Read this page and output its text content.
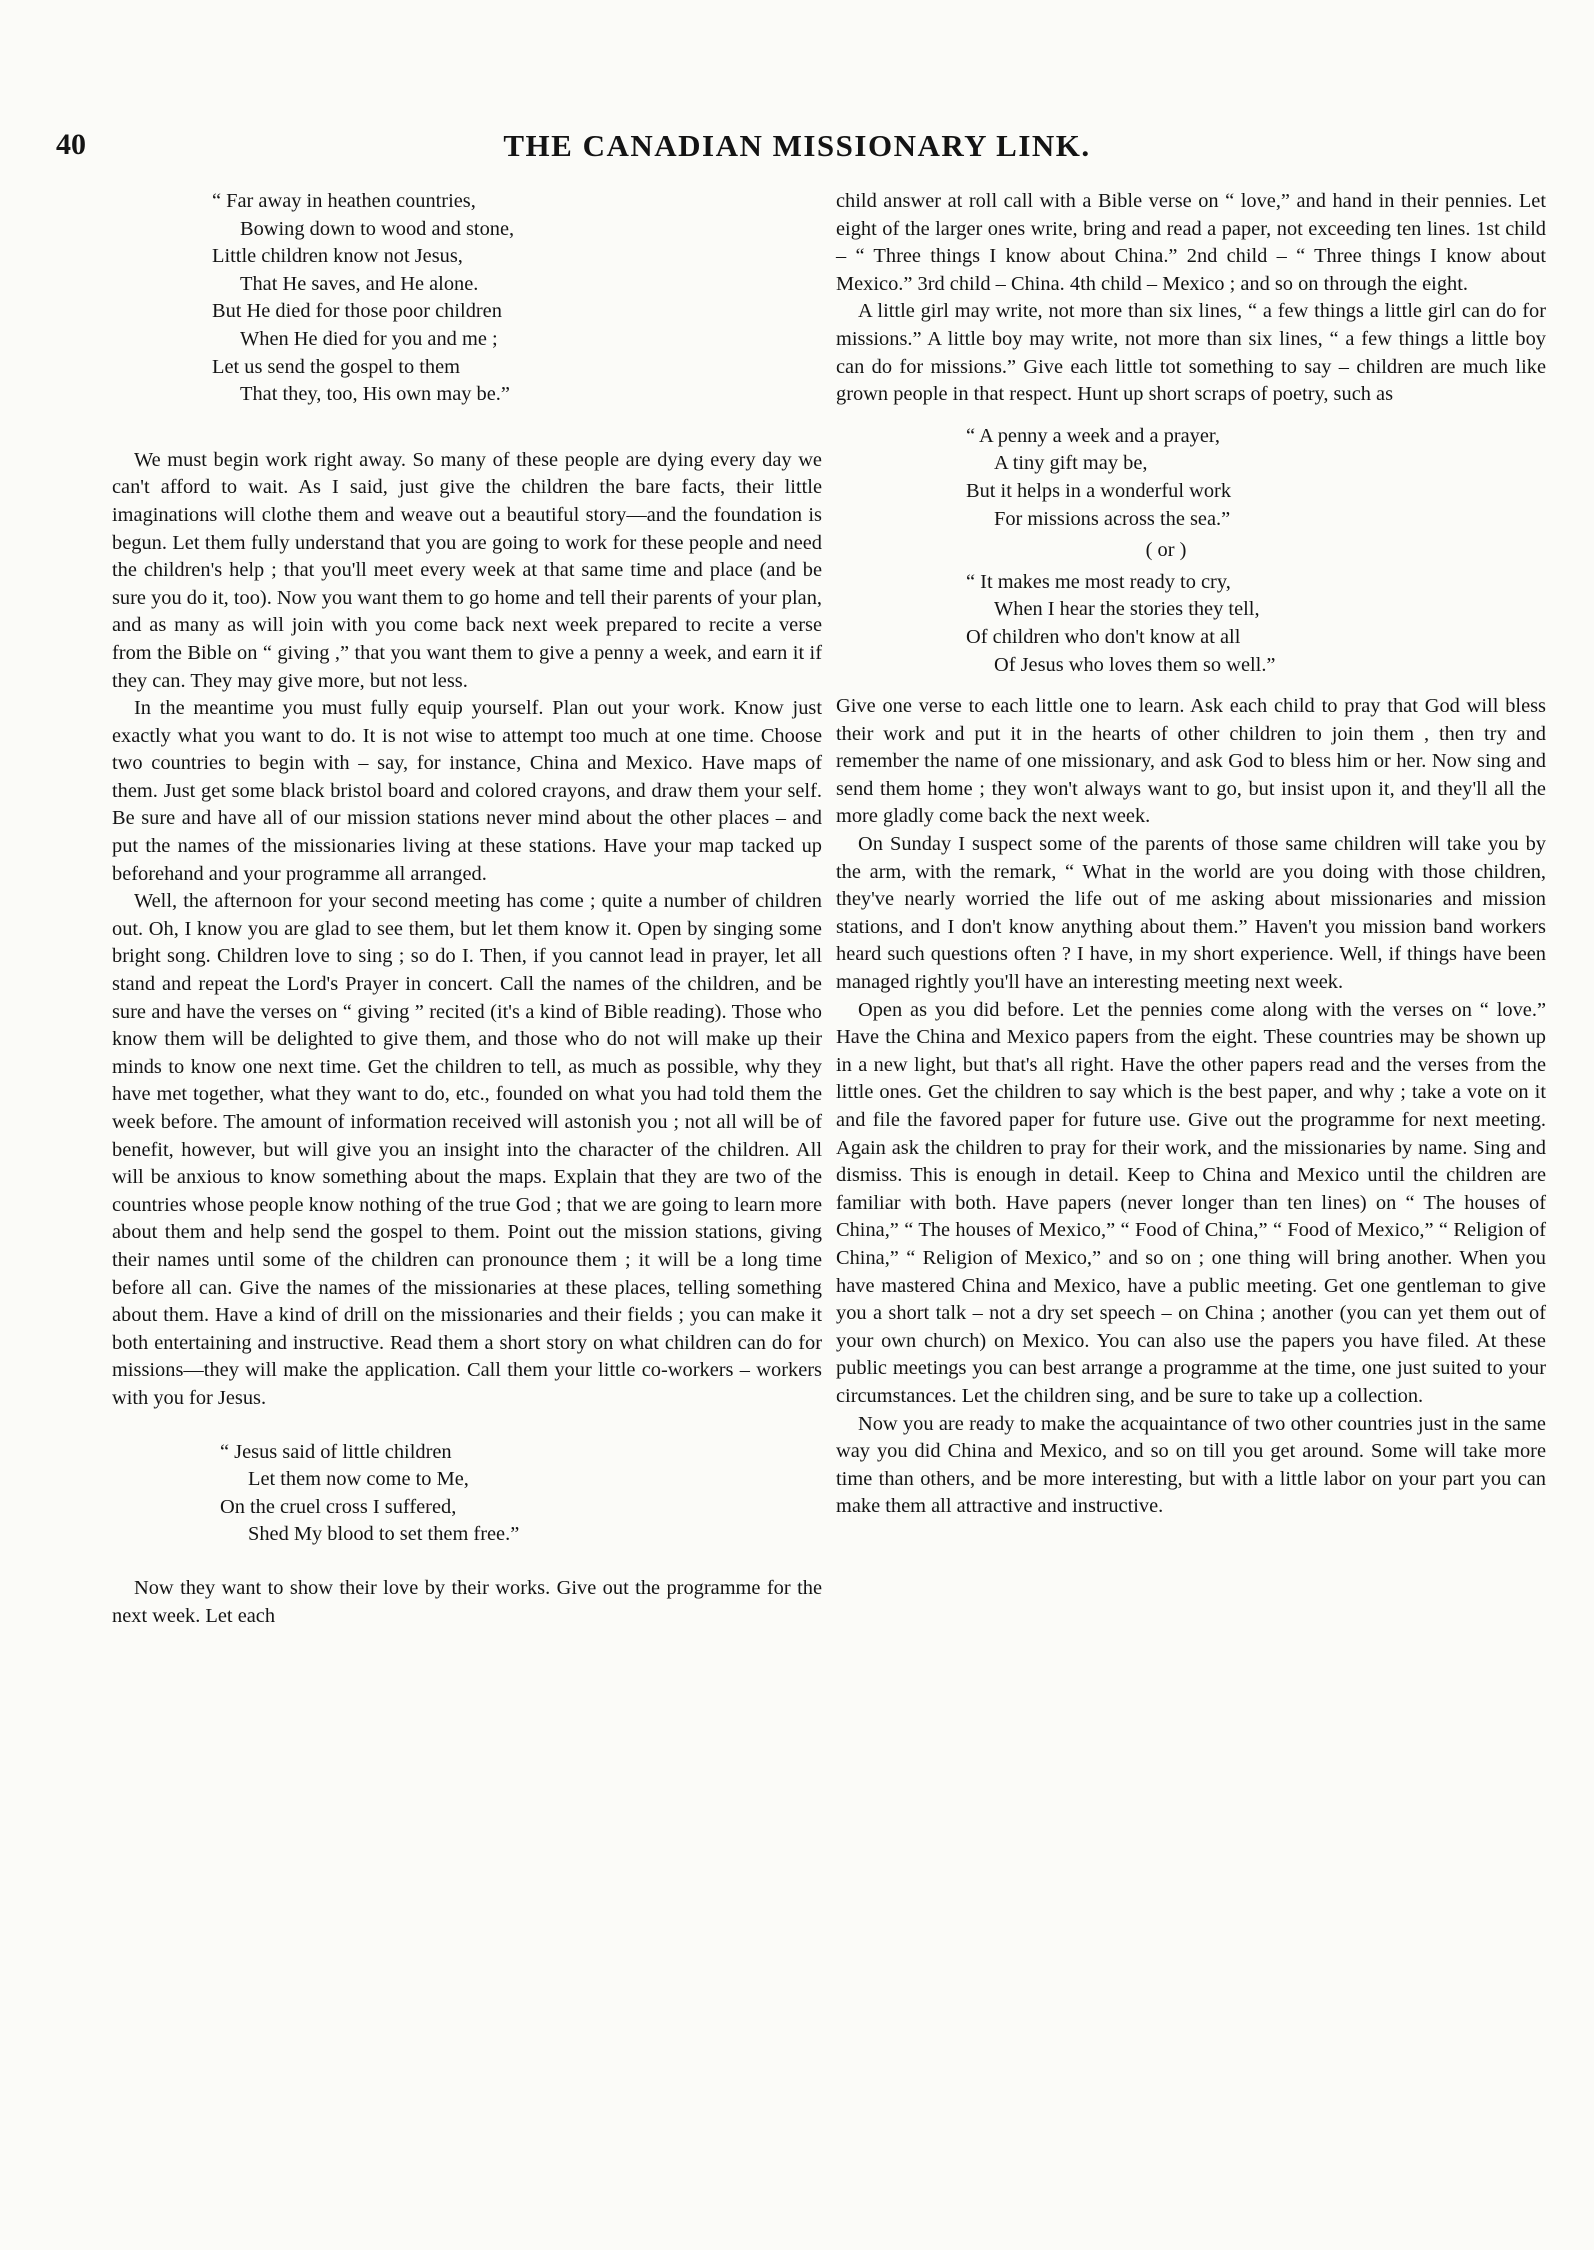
40	THE CANADIAN MISSIONARY LINK.
“ Far away in heathen countries,
Bowing down to wood and stone,
Little children know not Jesus,
That He saves, and He alone.
But He died for those poor children
When He died for you and me ;
Let us send the gospel to them
That they, too, His own may be.”

We must begin work right away. So many of these people are dying every day we can't afford to wait. As I said, just give the children the bare facts, their little imaginations will clothe them and weave out a beautiful story—and the foundation is begun. Let them fully understand that you are going to work for these people and need the children's help ; that you'll meet every week at that same time and place (and be sure you do it, too). Now you want them to go home and tell their parents of your plan, and as many as will join with you come back next week prepared to recite a verse from the Bible on “ giving ,” that you want them to give a penny a week, and earn it if they can. They may give more, but not less.

In the meantime you must fully equip yourself. Plan out your work. Know just exactly what you want to do. It is not wise to attempt too much at one time. Choose two countries to begin with – say, for instance, China and Mexico. Have maps of them. Just get some black bristol board and colored crayons, and draw them your self. Be sure and have all of our mission stations never mind about the other places – and put the names of the missionaries living at these stations. Have your map tacked up beforehand and your programme all arranged.

Well, the afternoon for your second meeting has come ; quite a number of children out. Oh, I know you are glad to see them, but let them know it. Open by singing some bright song. Children love to sing ; so do I. Then, if you cannot lead in prayer, let all stand and repeat the Lord's Prayer in concert. Call the names of the children, and be sure and have the verses on “ giving ” recited (it's a kind of Bible reading). Those who know them will be delighted to give them, and those who do not will make up their minds to know one next time. Get the children to tell, as much as possible, why they have met together, what they want to do, etc., founded on what you had told them the week before. The amount of information received will astonish you ; not all will be of benefit, however, but will give you an insight into the character of the children. All will be anxious to know something about the maps. Explain that they are two of the countries whose people know nothing of the true God ; that we are going to learn more about them and help send the gospel to them. Point out the mission stations, giving their names until some of the children can pronounce them ; it will be a long time before all can. Give the names of the missionaries at these places, telling something about them. Have a kind of drill on the missionaries and their fields ; you can make it both entertaining and instructive. Read them a short story on what children can do for missions—they will make the application. Call them your little co-workers – workers with you for Jesus.

“ Jesus said of little children
Let them now come to Me,
On the cruel cross I suffered,
Shed My blood to set them free.”

Now they want to show their love by their works. Give out the programme for the next week. Let each

child answer at roll call with a Bible verse on “ love,” and hand in their pennies. Let eight of the larger ones write, bring and read a paper, not exceeding ten lines. 1st child – “ Three things I know about China.” 2nd child – “ Three things I know about Mexico.” 3rd child – China. 4th child – Mexico ; and so on through the eight.

A little girl may write, not more than six lines, “ a few things a little girl can do for missions.” A little boy may write, not more than six lines, “ a few things a little boy can do for missions.” Give each little tot something to say – children are much like grown people in that respect. Hunt up short scraps of poetry, such as

“ A penny a week and a prayer,
A tiny gift may be,
But it helps in a wonderful work
For missions across the sea.”
( or )
“ It makes me most ready to cry,
When I hear the stories they tell,
Of children who don't know at all
Of Jesus who loves them so well.”

Give one verse to each little one to learn. Ask each child to pray that God will bless their work and put it in the hearts of other children to join them , then try and remember the name of one missionary, and ask God to bless him or her. Now sing and send them home ; they won't always want to go, but insist upon it, and they'll all the more gladly come back the next week.

On Sunday I suspect some of the parents of those same children will take you by the arm, with the remark, “ What in the world are you doing with those children, they've nearly worried the life out of me asking about missionaries and mission stations, and I don't know anything about them.” Haven't you mission band workers heard such questions often ? I have, in my short experience. Well, if things have been managed rightly you'll have an interesting meeting next week.

Open as you did before. Let the pennies come along with the verses on “ love.” Have the China and Mexico papers from the eight. These countries may be shown up in a new light, but that's all right. Have the other papers read and the verses from the little ones. Get the children to say which is the best paper, and why ; take a vote on it and file the favored paper for future use. Give out the programme for next meeting. Again ask the children to pray for their work, and the missionaries by name. Sing and dismiss. This is enough in detail. Keep to China and Mexico until the children are familiar with both. Have papers (never longer than ten lines) on “ The houses of China,” “ The houses of Mexico,” “ Food of China,” “ Food of Mexico,” “ Religion of China,” “ Religion of Mexico,” and so on ; one thing will bring another. When you have mastered China and Mexico, have a public meeting. Get one gentleman to give you a short talk – not a dry set speech – on China ; another (you can yet them out of your own church) on Mexico. You can also use the papers you have filed. At these public meetings you can best arrange a programme at the time, one just suited to your circumstances. Let the children sing, and be sure to take up a collection.

Now you are ready to make the acquaintance of two other countries just in the same way you did China and Mexico, and so on till you get around. Some will take more time than others, and be more interesting, but with a little labor on your part you can make them all attractive and instructive.
